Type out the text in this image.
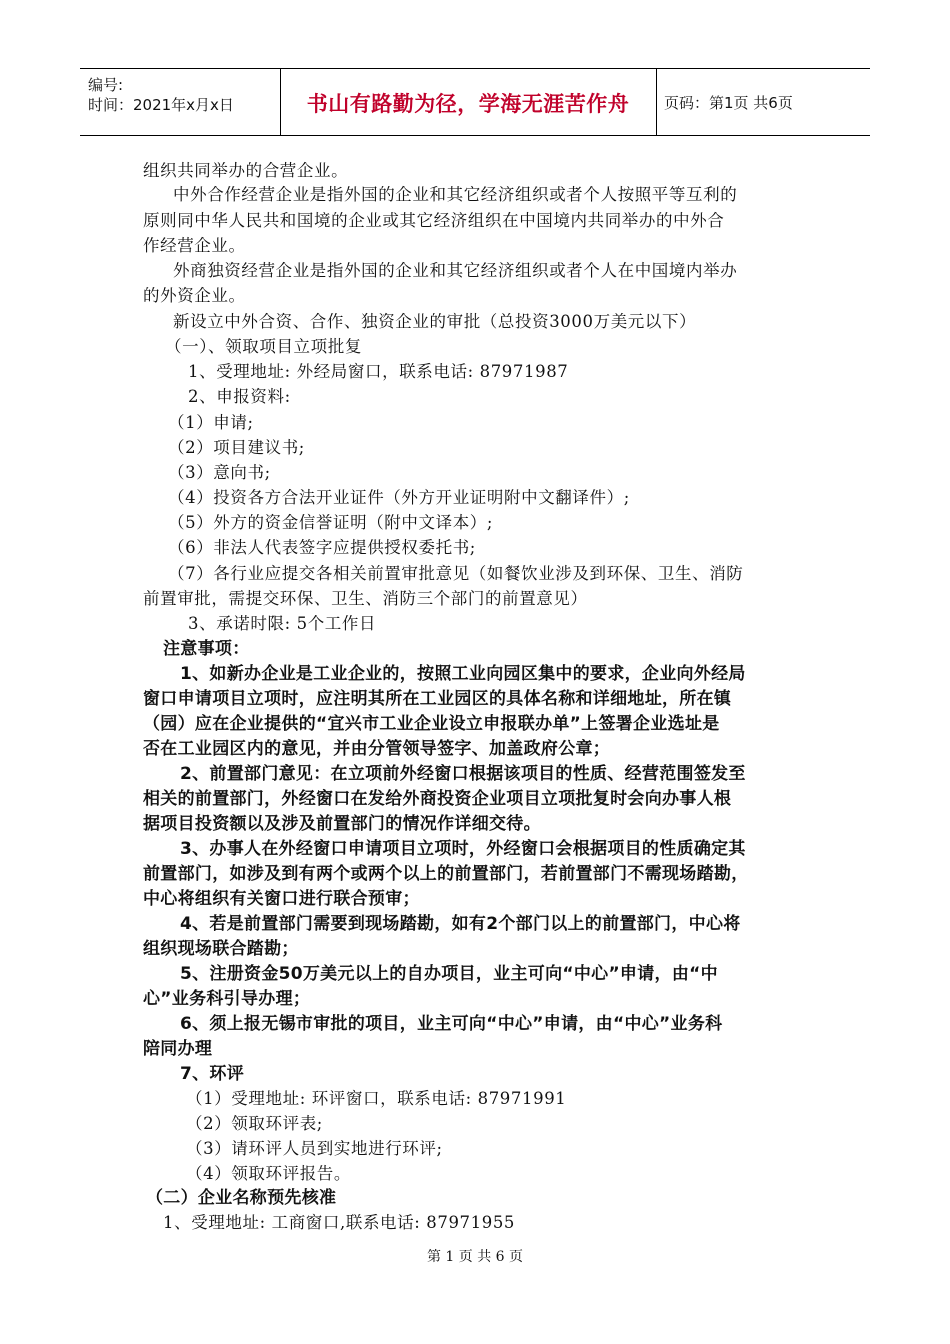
编号:
时间：2021年x月x日	书山有路勤为径，学海无涯苦作舟	页码：第1页 共6页
组织共同举办的合营企业。
中外合作经营企业是指外国的企业和其它经济组织或者个人按照平等互利的
原则同中华人民共和国境的企业或其它经济组织在中国境内共同举办的中外合
作经营企业。
外商独资经营企业是指外国的企业和其它经济组织或者个人在中国境内举办
的外资企业。
新设立中外合资、合作、独资企业的审批（总投资3000万美元以下）
（一）、领取项目立项批复
1、受理地址: 外经局窗口，联系电话: 87971987
2、申报资料:
（1）申请;
（2）项目建议书;
（3）意向书;
（4）投资各方合法开业证件（外方开业证明附中文翻译件）;
（5）外方的资金信誉证明（附中文译本）;
（6）非法人代表签字应提供授权委托书;
（7）各行业应提交各相关前置审批意见（如餐饮业涉及到环保、卫生、消防
前置审批，需提交环保、卫生、消防三个部门的前置意见）
3、承诺时限: 5个工作日
注意事项：
1、如新办企业是工业企业的，按照工业向园区集中的要求，企业向外经局
窗口申请项目立项时，应注明其所在工业园区的具体名称和详细地址，所在镇
（园）应在企业提供的“宜兴市工业企业设立申报联办单”上签署企业选址是
否在工业园区内的意见，并由分管领导签字、加盖政府公章；
2、前置部门意见：在立项前外经窗口根据该项目的性质、经营范围签发至
相关的前置部门，外经窗口在发给外商投资企业项目立项批复时会向办事人根
据项目投资额以及涉及前置部门的情况作详细交待。
3、办事人在外经窗口申请项目立项时，外经窗口会根据项目的性质确定其
前置部门，如涉及到有两个或两个以上的前置部门，若前置部门不需现场踏勘，
中心将组织有关窗口进行联合预审；
4、若是前置部门需要到现场踏勘，如有2个部门以上的前置部门，中心将
组织现场联合踏勘；
5、注册资金50万美元以上的自办项目，业主可向“中心”申请，由“中
心”业务科引导办理；
6、须上报无锡市审批的项目，业主可向“中心”申请，由“中心”业务科
陪同办理
7、环评
（1）受理地址: 环评窗口，联系电话: 87971991
（2）领取环评表;
（3）请环评人员到实地进行环评;
（4）领取环评报告。
（二）企业名称预先核准
1、受理地址: 工商窗口,联系电话: 87971955
第 1 页 共 6 页
